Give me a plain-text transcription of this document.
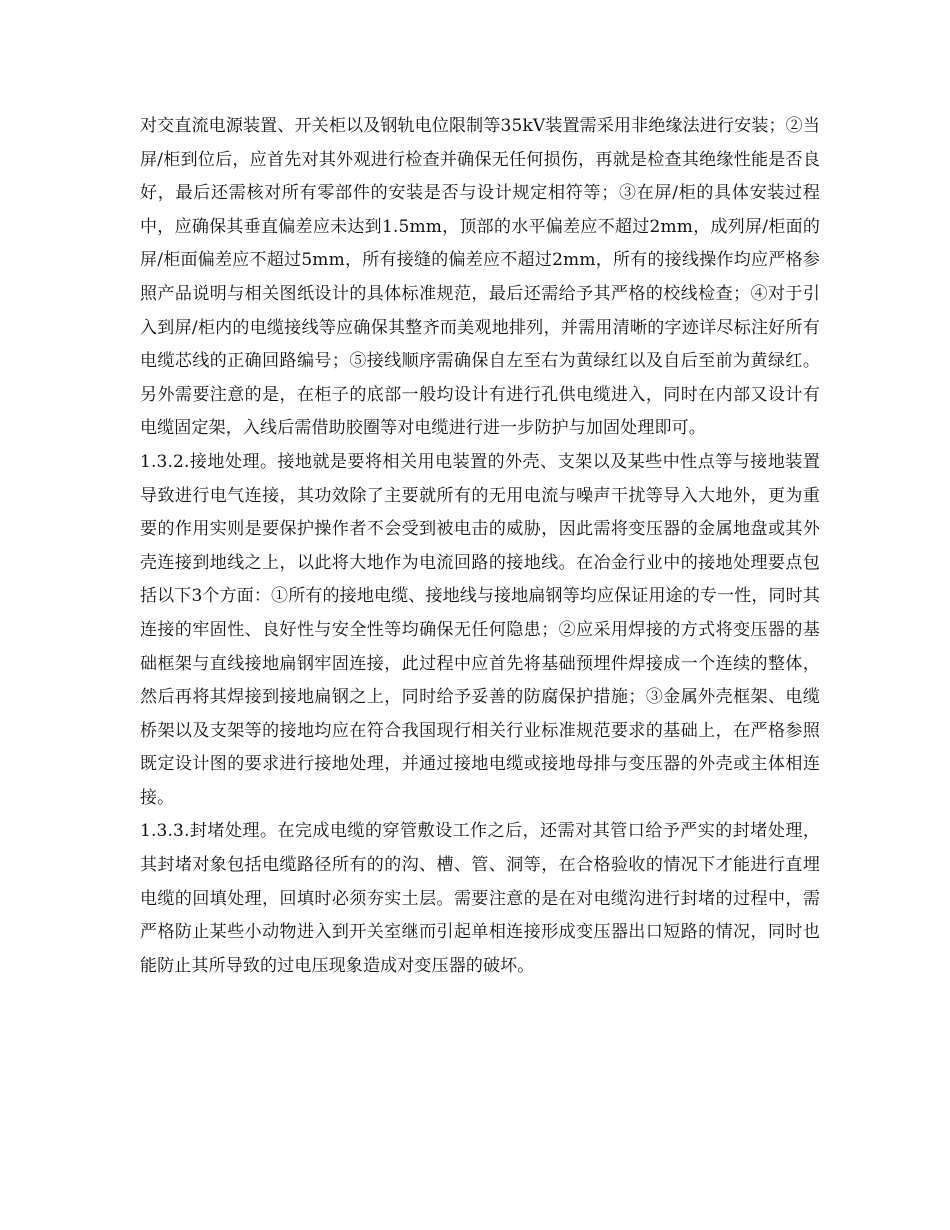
对交直流电源装置、开关柜以及钢轨电位限制等35kV装置需采用非绝缘法进行安装；②当屏/柜到位后，应首先对其外观进行检查并确保无任何损伤，再就是检查其绝缘性能是否良好，最后还需核对所有零部件的安装是否与设计规定相符等；③在屏/柜的具体安装过程中，应确保其垂直偏差应未达到1.5mm，顶部的水平偏差应不超过2mm，成列屏/柜面的屏/柜面偏差应不超过5mm，所有接缝的偏差应不超过2mm，所有的接线操作均应严格参照产品说明与相关图纸设计的具体标准规范，最后还需给予其严格的校线检查；④对于引入到屏/柜内的电缆接线等应确保其整齐而美观地排列，并需用清晰的字迹详尽标注好所有电缆芯线的正确回路编号；⑤接线顺序需确保自左至右为黄绿红以及自后至前为黄绿红。另外需要注意的是，在柜子的底部一般均设计有进行孔供电缆进入，同时在内部又设计有电缆固定架，入线后需借助胶圈等对电缆进行进一步防护与加固处理即可。

1.3.2.接地处理。接地就是要将相关用电装置的外壳、支架以及某些中性点等与接地装置导致进行电气连接，其功效除了主要就所有的无用电流与噪声干扰等导入大地外，更为重要的作用实则是要保护操作者不会受到被电击的威胁，因此需将变压器的金属地盘或其外壳连接到地线之上，以此将大地作为电流回路的接地线。在冶金行业中的接地处理要点包括以下3个方面：①所有的接地电缆、接地线与接地扁钢等均应保证用途的专一性，同时其连接的牢固性、良好性与安全性等均确保无任何隐患；②应采用焊接的方式将变压器的基础框架与直线接地扁钢牢固连接，此过程中应首先将基础预埋件焊接成一个连续的整体，然后再将其焊接到接地扁钢之上，同时给予妥善的防腐保护措施；③金属外壳框架、电缆桥架以及支架等的接地均应在符合我国现行相关行业标准规范要求的基础上，在严格参照既定设计图的要求进行接地处理，并通过接地电缆或接地母排与变压器的外壳或主体相连接。

1.3.3.封堵处理。在完成电缆的穿管敷设工作之后，还需对其管口给予严实的封堵处理，其封堵对象包括电缆路径所有的的沟、槽、管、洞等，在合格验收的情况下才能进行直埋电缆的回填处理，回填时必须夯实土层。需要注意的是在对电缆沟进行封堵的过程中，需严格防止某些小动物进入到开关室继而引起单相连接形成变压器出口短路的情况，同时也能防止其所导致的过电压现象造成对变压器的破坏。
